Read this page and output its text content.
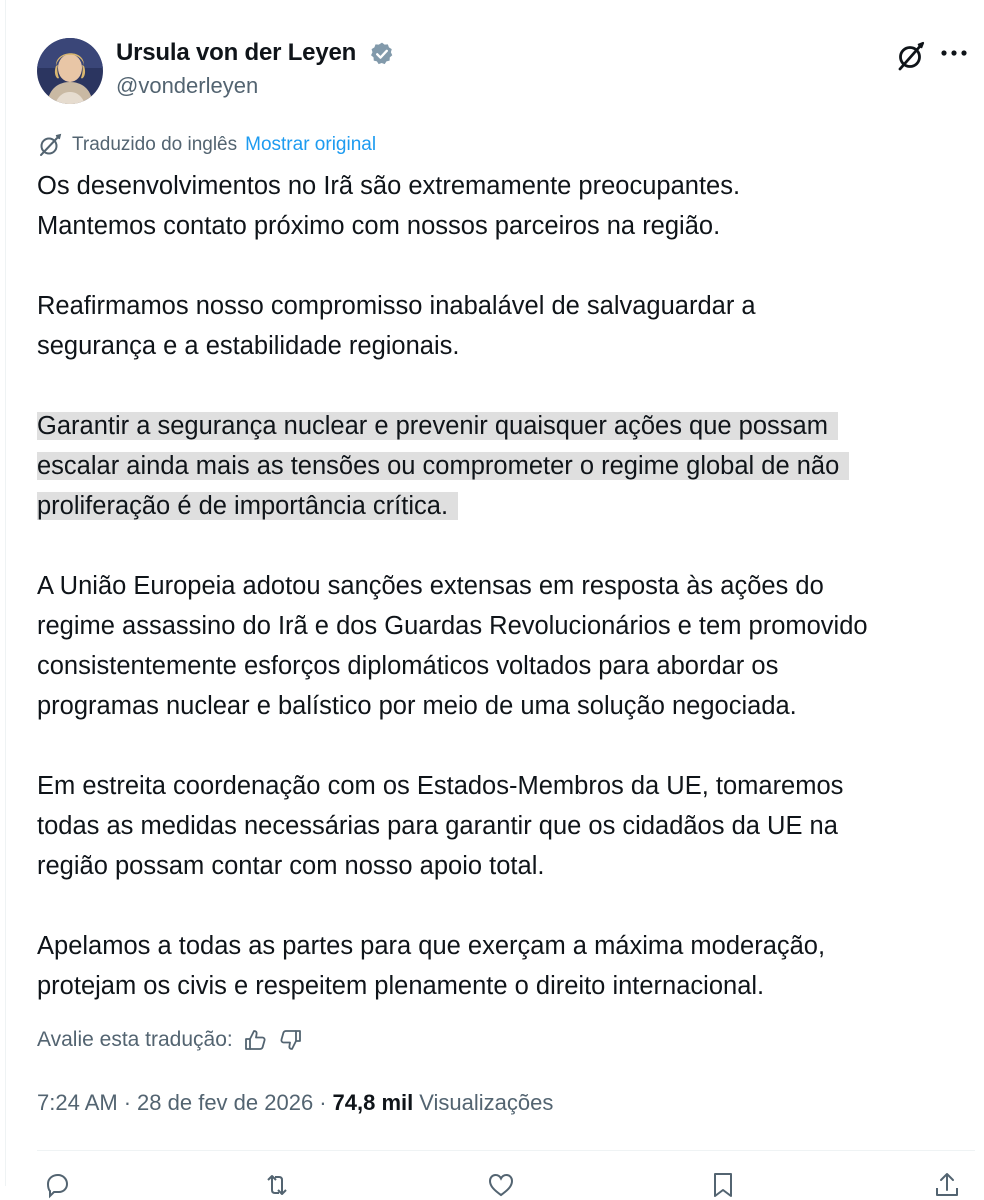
Ursula von der Leyen
@vonderleyen
Traduzido do inglês Mostrar original

Os desenvolvimentos no Irã são extremamente preocupantes.
Mantemos contato próximo com nossos parceiros na região.

Reafirmamos nosso compromisso inabalável de salvaguardar a
segurança e a estabilidade regionais.

Garantir a segurança nuclear e prevenir quaisquer ações que possam
escalar ainda mais as tensões ou comprometer o regime global de não
proliferação é de importância crítica.

A União Europeia adotou sanções extensas em resposta às ações do
regime assassino do Irã e dos Guardas Revolucionários e tem promovido
consistentemente esforços diplomáticos voltados para abordar os
programas nuclear e balístico por meio de uma solução negociada.

Em estreita coordenação com os Estados-Membros da UE, tomaremos
todas as medidas necessárias para garantir que os cidadãos da UE na
região possam contar com nosso apoio total.

Apelamos a todas as partes para que exerçam a máxima moderação,
protejam os civis e respeitem plenamente o direito internacional.

Avalie esta tradução:
7:24 AM · 28 de fev de 2026 · 74,8 mil Visualizações
